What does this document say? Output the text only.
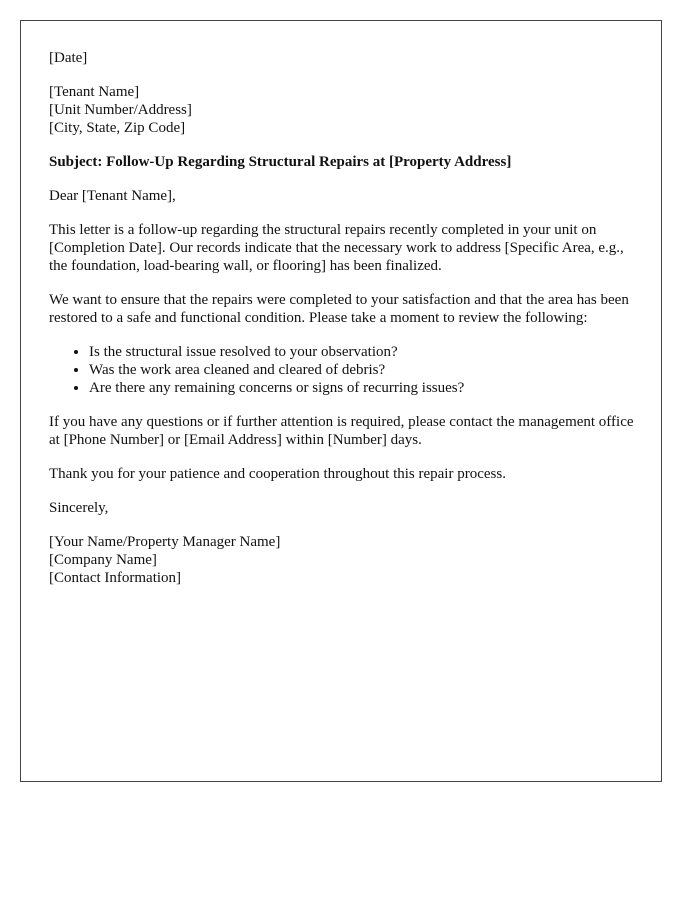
[Date]

[Tenant Name]
[Unit Number/Address]
[City, State, Zip Code]

Subject: Follow-Up Regarding Structural Repairs at [Property Address]

Dear [Tenant Name],

This letter is a follow-up regarding the structural repairs recently completed in your unit on [Completion Date]. Our records indicate that the necessary work to address [Specific Area, e.g., the foundation, load-bearing wall, or flooring] has been finalized.

We want to ensure that the repairs were completed to your satisfaction and that the area has been restored to a safe and functional condition. Please take a moment to review the following:

• Is the structural issue resolved to your observation?
• Was the work area cleaned and cleared of debris?
• Are there any remaining concerns or signs of recurring issues?

If you have any questions or if further attention is required, please contact the management office at [Phone Number] or [Email Address] within [Number] days.

Thank you for your patience and cooperation throughout this repair process.

Sincerely,

[Your Name/Property Manager Name]
[Company Name]
[Contact Information]
